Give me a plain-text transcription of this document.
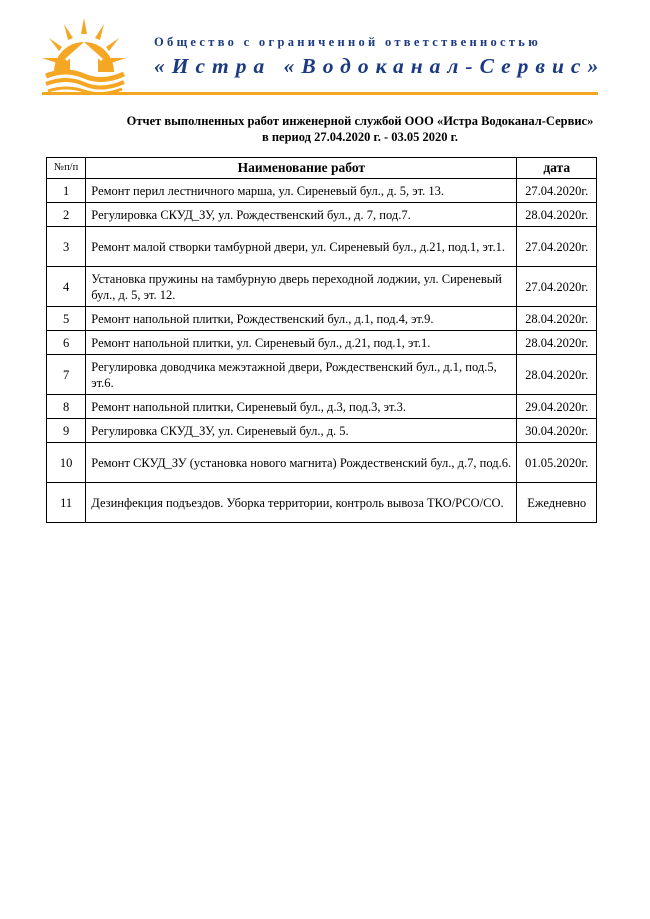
Общество с ограниченной ответственностью
«Истра «Водоканал-Сервис»
Отчет выполненных работ инженерной службой ООО «Истра Водоканал-Сервис»
в период 27.04.2020 г. - 03.05 2020 г.
№п/п	Наименование работ	дата
1	Ремонт перил лестничного марша, ул. Сиреневый бул., д. 5, эт. 13.	27.04.2020г.
2	Регулировка СКУД_ЗУ, ул. Рождественский бул., д. 7, под.7.	28.04.2020г.
3	Ремонт малой створки тамбурной двери, ул. Сиреневый бул., д.21, под.1, эт.1.	27.04.2020г.
4	Установка пружины на тамбурную дверь переходной лоджии, ул. Сиреневый бул., д. 5, эт. 12.	27.04.2020г.
5	Ремонт напольной плитки, Рождественский бул., д.1, под.4, эт.9.	28.04.2020г.
6	Ремонт напольной плитки, ул. Сиреневый бул., д.21, под.1, эт.1.	28.04.2020г.
7	Регулировка доводчика межэтажной двери, Рождественский бул., д.1, под.5, эт.6.	28.04.2020г.
8	Ремонт напольной плитки, Сиреневый бул., д.3, под.3, эт.3.	29.04.2020г.
9	Регулировка СКУД_ЗУ, ул. Сиреневый бул., д. 5.	30.04.2020г.
10	Ремонт СКУД_ЗУ (установка нового магнита) Рождественский бул., д.7, под.6.	01.05.2020г.
11	Дезинфекция подъездов. Уборка территории, контроль вывоза ТКО/РСО/СО.	Ежедневно
